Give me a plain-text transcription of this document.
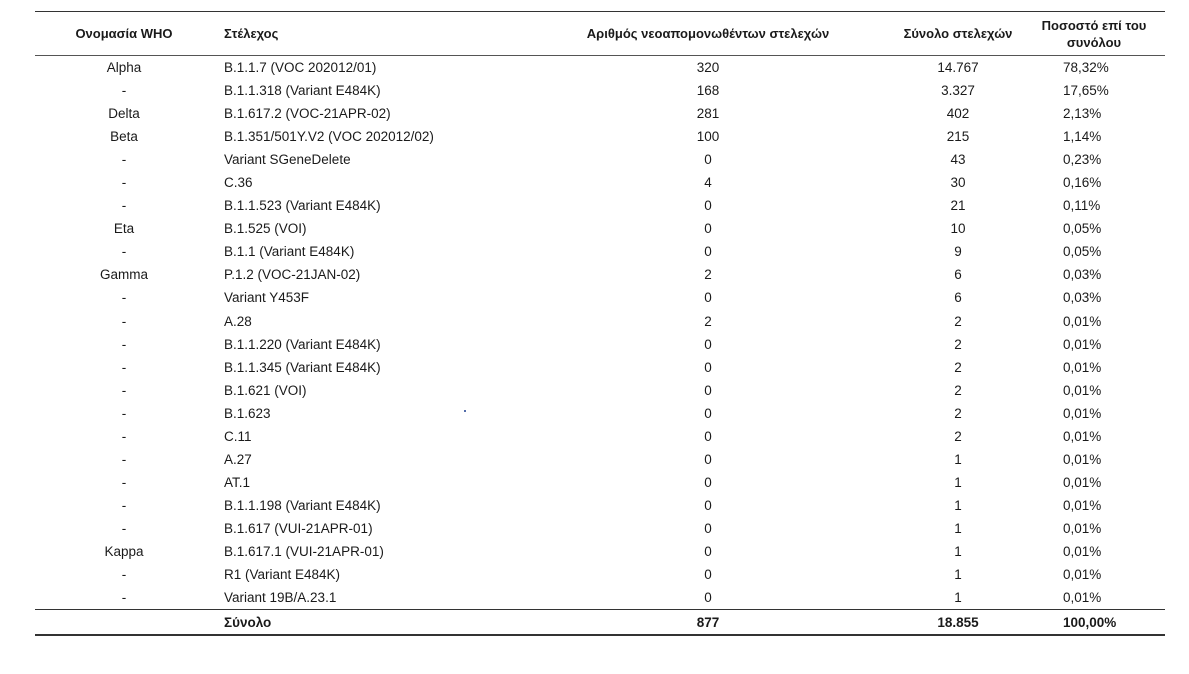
Ονομασία WHO	Στέλεχος	Αριθμός νεοαπομονωθέντων στελεχών	Σύνολο στελεχών	Ποσοστό επί του συνόλου
Alpha	B.1.1.7 (VOC 202012/01)	320	14.767	78,32%
-	B.1.1.318 (Variant E484K)	168	3.327	17,65%
Delta	B.1.617.2 (VOC-21APR-02)	281	402	2,13%
Beta	B.1.351/501Y.V2 (VOC 202012/02)	100	215	1,14%
-	Variant SGeneDelete	0	43	0,23%
-	C.36	4	30	0,16%
-	B.1.1.523 (Variant E484K)	0	21	0,11%
Eta	B.1.525 (VOI)	0	10	0,05%
-	B.1.1 (Variant E484K)	0	9	0,05%
Gamma	P.1.2 (VOC-21JAN-02)	2	6	0,03%
-	Variant Y453F	0	6	0,03%
-	A.28	2	2	0,01%
-	B.1.1.220 (Variant E484K)	0	2	0,01%
-	B.1.1.345 (Variant E484K)	0	2	0,01%
-	B.1.621 (VOI)	0	2	0,01%
-	B.1.623	0	2	0,01%
-	C.11	0	2	0,01%
-	A.27	0	1	0,01%
-	AT.1	0	1	0,01%
-	B.1.1.198 (Variant E484K)	0	1	0,01%
-	B.1.617 (VUI-21APR-01)	0	1	0,01%
Kappa	B.1.617.1 (VUI-21APR-01)	0	1	0,01%
-	R1 (Variant E484K)	0	1	0,01%
-	Variant 19B/A.23.1	0	1	0,01%
	Σύνολο	877	18.855	100,00%
